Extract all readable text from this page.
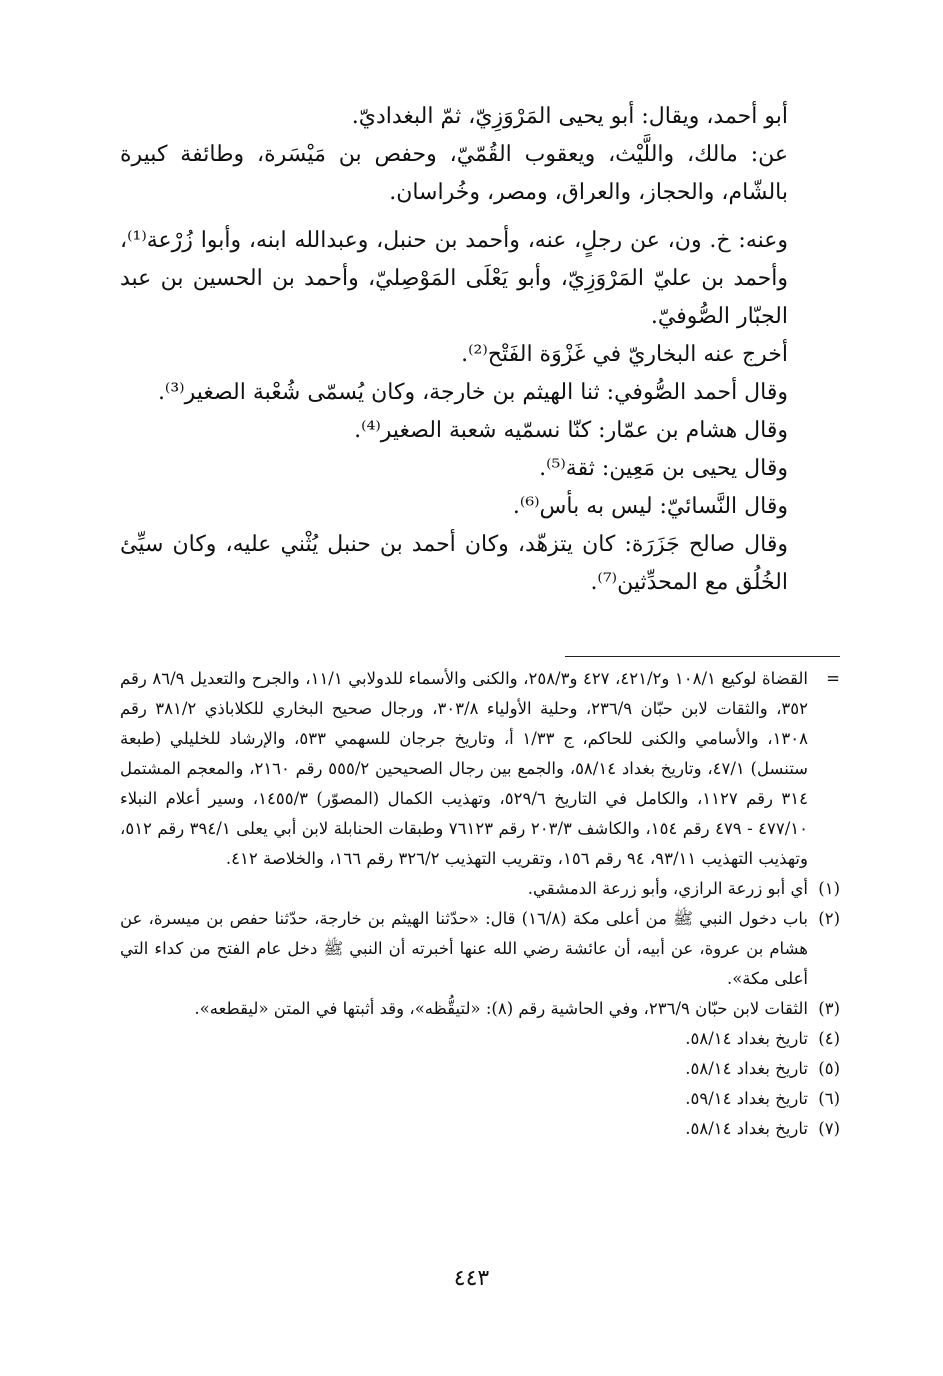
أبو أحمد، ويقال: أبو يحيى المَرْوَزِيّ، ثمّ البغداديّ.

عن: مالك، واللَّيْث، ويعقوب القُمّيّ، وحفص بن مَيْسَرة، وطائفة كبيرة بالشّام، والحجاز، والعراق، ومصر، وخُراسان.

وعنه: خ. ون، عن رجلٍ، عنه، وأحمد بن حنبل، وعبدالله ابنه، وأبوا زُرْعة⁽¹⁾، وأحمد بن عليّ المَرْوَزِيّ، وأبو يَعْلَى المَوْصِليّ، وأحمد بن الحسين بن عبد الجبّار الصُّوفيّ.

أخرج عنه البخاريّ في غَزْوَة الفَتْح⁽²⁾.

وقال أحمد الصُّوفي: ثنا الهيثم بن خارجة، وكان يُسمّى شُعْبة الصغير⁽³⁾.

وقال هشام بن عمّار: كنّا نسمّيه شعبة الصغير⁽⁴⁾.

وقال يحيى بن مَعِين: ثقة⁽⁵⁾.

وقال النَّسائيّ: ليس به بأس⁽⁶⁾.

وقال صالح جَزَرَة: كان يتزهّد، وكان أحمد بن حنبل يُثْني عليه، وكان سيِّئ الخُلُق مع المحدِّثين⁽⁷⁾.

=
القضاة لوكيع ١٠٨/١ و٤٢١/٢، ٤٢٧ و٢٥٨/٣، والكنى والأسماء للدولابي ١١/١، والجرح والتعديل ٨٦/٩ رقم ٣٥٢، والثقات لابن حبّان ٢٣٦/٩، وحلية الأولياء ٣٠٣/٨، ورجال صحيح البخاري للكلاباذي ٣٨١/٢ رقم ١٣٠٨، والأسامي والكنى للحاكم، ج ١/٣٣ أ، وتاريخ جرجان للسهمي ٥٣٣، والإرشاد للخليلي (طبعة ستنسل) ٤٧/١، وتاريخ بغداد ٥٨/١٤، والجمع بين رجال الصحيحين ٥٥٥/٢ رقم ٢١٦٠، والمعجم المشتمل ٣١٤ رقم ١١٢٧، والكامل في التاريخ ٥٢٩/٦، وتهذيب الكمال (المصوّر) ١٤٥٥/٣، وسير أعلام النبلاء ٤٧٧/١٠ - ٤٧٩ رقم ١٥٤، والكاشف ٢٠٣/٣ رقم ٧٦١٢٣ وطبقات الحنابلة لابن أبي يعلى ٣٩٤/١ رقم ٥١٢، وتهذيب التهذيب ٩٣/١١، ٩٤ رقم ١٥٦، وتقريب التهذيب ٣٢٦/٢ رقم ١٦٦، والخلاصة ٤١٢.

(١)
أي أبو زرعة الرازي، وأبو زرعة الدمشقي.

(٢)
باب دخول النبي ﷺ من أعلى مكة (١٦/٨) قال: «حدّثنا الهيثم بن خارجة، حدّثنا حفص بن ميسرة، عن هشام بن عروة، عن أبيه، أن عائشة رضي الله عنها أخبرته أن النبي ﷺ دخل عام الفتح من كداء التي أعلى مكة».

(٣)
الثقات لابن حبّان ٢٣٦/٩، وفي الحاشية رقم (٨): «لتيقُّظه»، وقد أثبتها في المتن «ليقطعه».

(٤)
تاريخ بغداد ٥٨/١٤.

(٥)
تاريخ بغداد ٥٨/١٤.

(٦)
تاريخ بغداد ٥٩/١٤.

(٧)
تاريخ بغداد ٥٨/١٤.

٤٤٣
